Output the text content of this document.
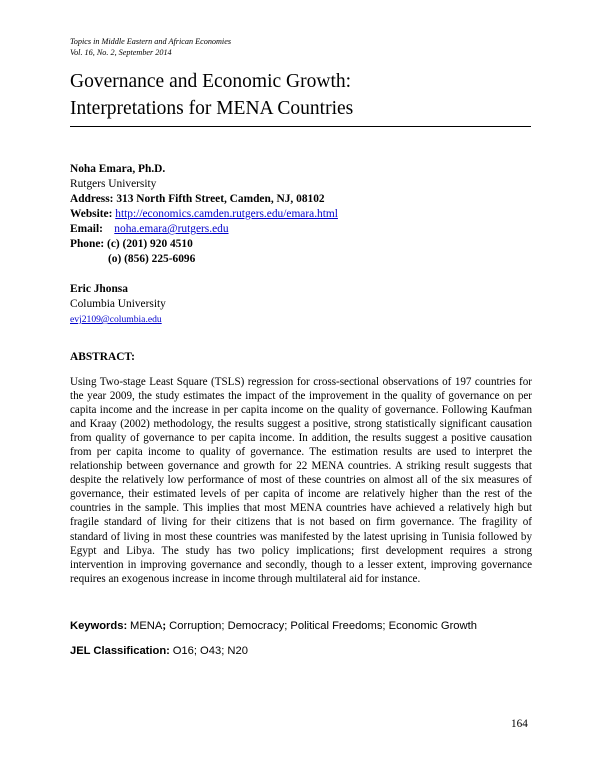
Topics in Middle Eastern and African Economies
Vol. 16, No. 2, September 2014
Governance and Economic Growth:
Interpretations for MENA Countries
Noha Emara, Ph.D.
Rutgers University
Address: 313 North Fifth Street, Camden, NJ, 08102
Website: http://economics.camden.rutgers.edu/emara.html
Email: noha.emara@rutgers.edu
Phone: (c) (201) 920 4510
(o) (856) 225-6096
Eric Jhonsa
Columbia University
evj2109@columbia.edu
ABSTRACT:

Using Two-stage Least Square (TSLS) regression for cross-sectional observations of 197 countries for the year 2009, the study estimates the impact of the improvement in the quality of governance on per capita income and the increase in per capita income on the quality of governance. Following Kaufman and Kraay (2002) methodology, the results suggest a positive, strong statistically significant causation from quality of governance to per capita income. In addition, the results suggest a positive causation from per capita income to quality of governance. The estimation results are used to interpret the relationship between governance and growth for 22 MENA countries. A striking result suggests that despite the relatively low performance of most of these countries on almost all of the six measures of governance, their estimated levels of per capita of income are relatively higher than the rest of the countries in the sample. This implies that most MENA countries have achieved a relatively high but fragile standard of living for their citizens that is not based on firm governance. The fragility of standard of living in most these countries was manifested by the latest uprising in Tunisia followed by Egypt and Libya. The study has two policy implications; first development requires a strong intervention in improving governance and secondly, though to a lesser extent, improving governance requires an exogenous increase in income through multilateral aid for instance.

Keywords: MENA; Corruption; Democracy; Political Freedoms; Economic Growth
JEL Classification: O16; O43; N20
164
